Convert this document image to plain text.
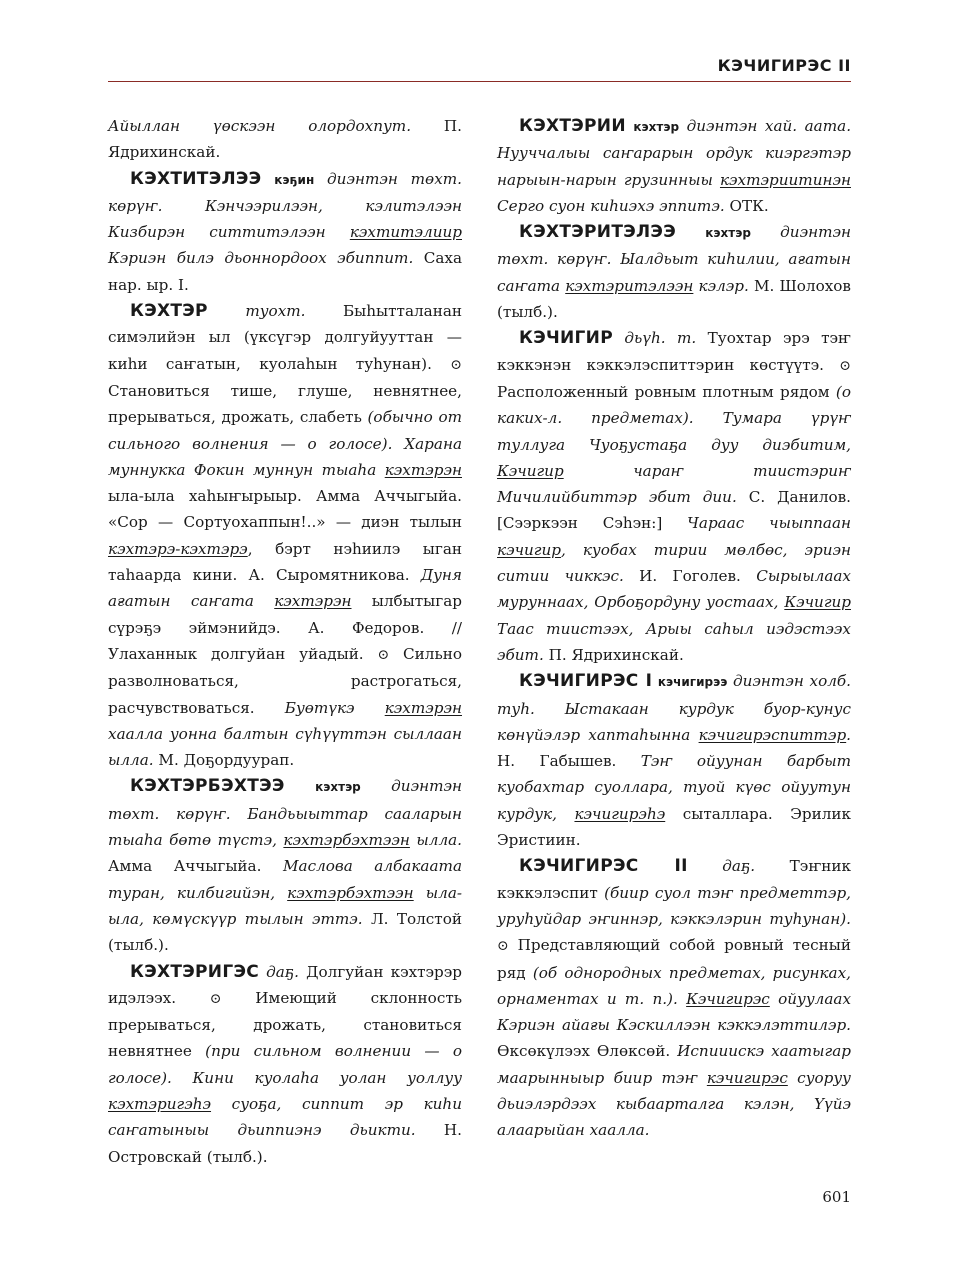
КЭЧИГИРЭС II

Айыллан үөскээн олордохпут. П. Ядрихинскай.

КЭХТИТЭЛЭЭ кэҕин диэнтэн төхт. көрүҥ.	Кэнчээрилээн, кэлитэлээн Кизбирэн ситтитэлээн кэхтитэлиир Кэриэн билэ дьоннордоох эбиппит. Саха нар. ыр. I.

КЭХТЭР туохт. Быһытталанан симэлийэн ыл (үксүгэр долгуйууттан — киһи саҥатын, куолаһын туһунан). ⊙ Становиться тише, глуше, невнятнее, прерываться, дрожать, слабеть (обычно от сильного волнения — о голосе). Харана муннукка Фокин муннун тыаһа кэхтэрэн ыла-ыла хаһыҥырыыр. Амма Аччыгыйа. «Сор — Сортуохаппын!..» — диэн тылын кэхтэрэ-кэхтэрэ, бэрт нэһиилэ ыган таһаарда кини. А. Сыромятникова. Дуня ағатын саҥата кэхтэрэн ылбытыгар сүрэҕэ эймэнийдэ. А. Федоров. // Улаханнык долгуйан уйадый. ⊙ Сильно разволноваться, растрогаться, расчувствоваться. Буөтүкэ кэхтэрэн хаалла уонна балтын сүһүүттэн сыллаан ылла. М. Доҕордуурап.

КЭХТЭРБЭХТЭЭ	кэхтэр диэнтэн төхт. көрүҥ. Бандьыыттар сааларын тыаһа бөтө түстэ, кэхтэрбэхтээн ылла. Амма Аччыгыйа. Маслова албакаата туран, килбигийэн, кэхтэрбэхтээн ыла-ыла, көмүскүүр тылын эттэ. Л. Толстой (тылб.).

КЭХТЭРИГЭС даҕ. Долгуйан кэхтэрэр идэлээх. ⊙ Имеющий склонность прерываться, дрожать, становиться невнятнее (при сильном волнении — о голосе). Кини куолаһа уолан уоллуу кэхтэригэһэ суоҕа, сиппит эр киһи саҥатыныы дьиппиэнэ дьикти. Н. Островскай (тылб.).

КЭХТЭРИИ кэхтэр диэнтэн хай. аата. Нууччалыы саҥарарын ордук киэргэтэр нарыын-нарын грузинныы кэхтэриитинэн Серго суон киһиэхэ эппитэ. ОТК.

КЭХТЭРИТЭЛЭЭ кэхтэр диэнтэн төхт. көрүҥ. Ыалдьыт киһилии, ағатын саҥата кэхтэритэлээн кэлэр. М. Шолохов (тылб.).

КЭЧИГИР дьүһ. т. Туохтар эрэ тэҥ кэккэнэн кэккэлэспиттэрин көстүүтэ. ⊙ Расположенный ровным плотным рядом (о каких-л. предметах). Тумара үрүҥ туллуга Чуоҕустаҕа дуу диэбитим, Кэчигир чараҥ тиистэриҥ Мичилийбиттэр эбит дии. С. Данилов. [Сээркээн Сэһэн:] Чараас чыыппаан кэчигир, куобах тирии мөлбөс, эриэн ситии чиккэс. И. Гоголев. Сырыылаах муруннаах, Орбоҕордуну уостаах, Кэчигир Таас тиистээх, Арыы саһыл иэдэстээх эбит. П. Ядрихинскай.

КЭЧИГИРЭС I кэчигирээ диэнтэн холб. туһ. Ыстакаан курдук буор-кунус көнүйэлэр хаптаһынна кэчигирэспиттэр. Н. Габышев. Тэҥ ойуунан барбыт куобахтар суоллара, туой күөс ойуутун курдук, кэчигирэһэ сыталлара. Эрилик Эристиин.

КЭЧИГИРЭС II даҕ. Тэҥник кэккэлэспит (биир суол тэҥ предметтэр, уруһуйдар эҥиннэр, кэккэлэрин туһунан). ⊙ Представляющий собой ровный тесный ряд (об однородных предметах, рисунках, орнаментах и т. п.). Кэчигирэс ойуулаах Кэриэн айағы Кэскиллээн кэккэлэттилэр. Өксөкүлээх Өлөксөй. Испииискэ хаатыгар маарынныыр биир тэҥ кэчигирэс суоруу дьиэлэрдээх кыбаарталга кэлэн, Үүйэ алаарыйан хаалла.

601
